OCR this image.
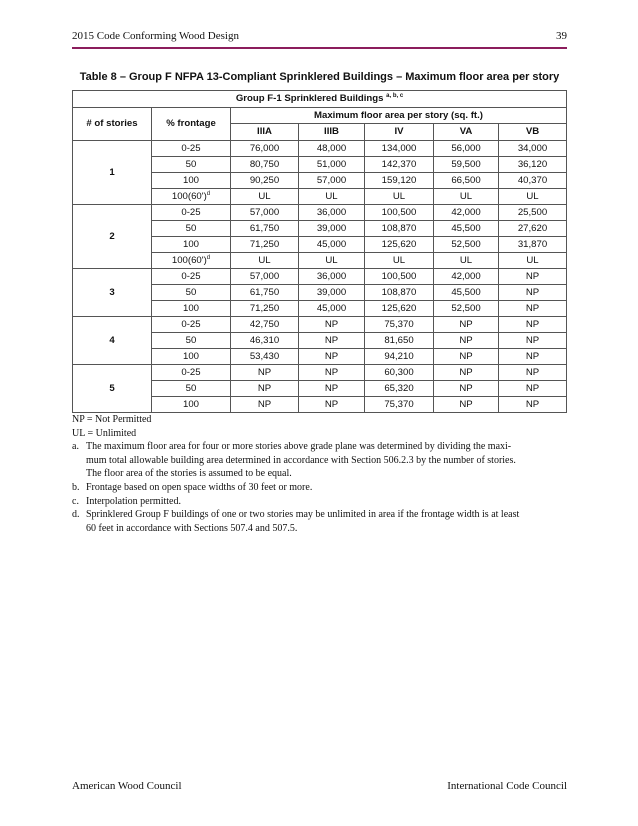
2015 Code Conforming Wood Design	39
Table 8 – Group F NFPA 13-Compliant Sprinklered Buildings – Maximum floor area per story
Group F-1 Sprinklered Buildings $^{a, b, c}$
# of stories	% frontage	Maximum floor area per story (sq. ft.)				
		IIIA	IIIB	IV	VA	VB
1	0-25	76,000	48,000	134,000	56,000	34,000
	50	80,750	51,000	142,370	59,500	36,120
	100	90,250	57,000	159,120	66,500	40,370
	$100(60')^d$	UL	UL	UL	UL	UL
2	0-25	57,000	36,000	100,500	42,000	25,500
	50	61,750	39,000	108,870	45,500	27,620
	100	71,250	45,000	125,620	52,500	31,870
	$100(60')^d$	UL	UL	UL	UL	UL
3	0-25	57,000	36,000	100,500	42,000	NP
	50	61,750	39,000	108,870	45,500	NP
	100	71,250	45,000	125,620	52,500	NP
4	0-25	42,750	NP	75,370	NP	NP
	50	46,310	NP	81,650	NP	NP
	100	53,430	NP	94,210	NP	NP
5	0-25	NP	NP	60,300	NP	NP
	50	NP	NP	65,320	NP	NP
	100	NP	NP	75,370	NP	NP
NP = Not Permitted
UL = Unlimited
a. The maximum floor area for four or more stories above grade plane was determined by dividing the maxi-
mum total allowable building area determined in accordance with Section 506.2.3 by the number of stories.
The floor area of the stories is assumed to be equal.
b. Frontage based on open space widths of 30 feet or more.
c. Interpolation permitted.
d. Sprinklered Group F buildings of one or two stories may be unlimited in area if the frontage width is at least
60 feet in accordance with Sections 507.4 and 507.5.
American Wood Council	International Code Council
